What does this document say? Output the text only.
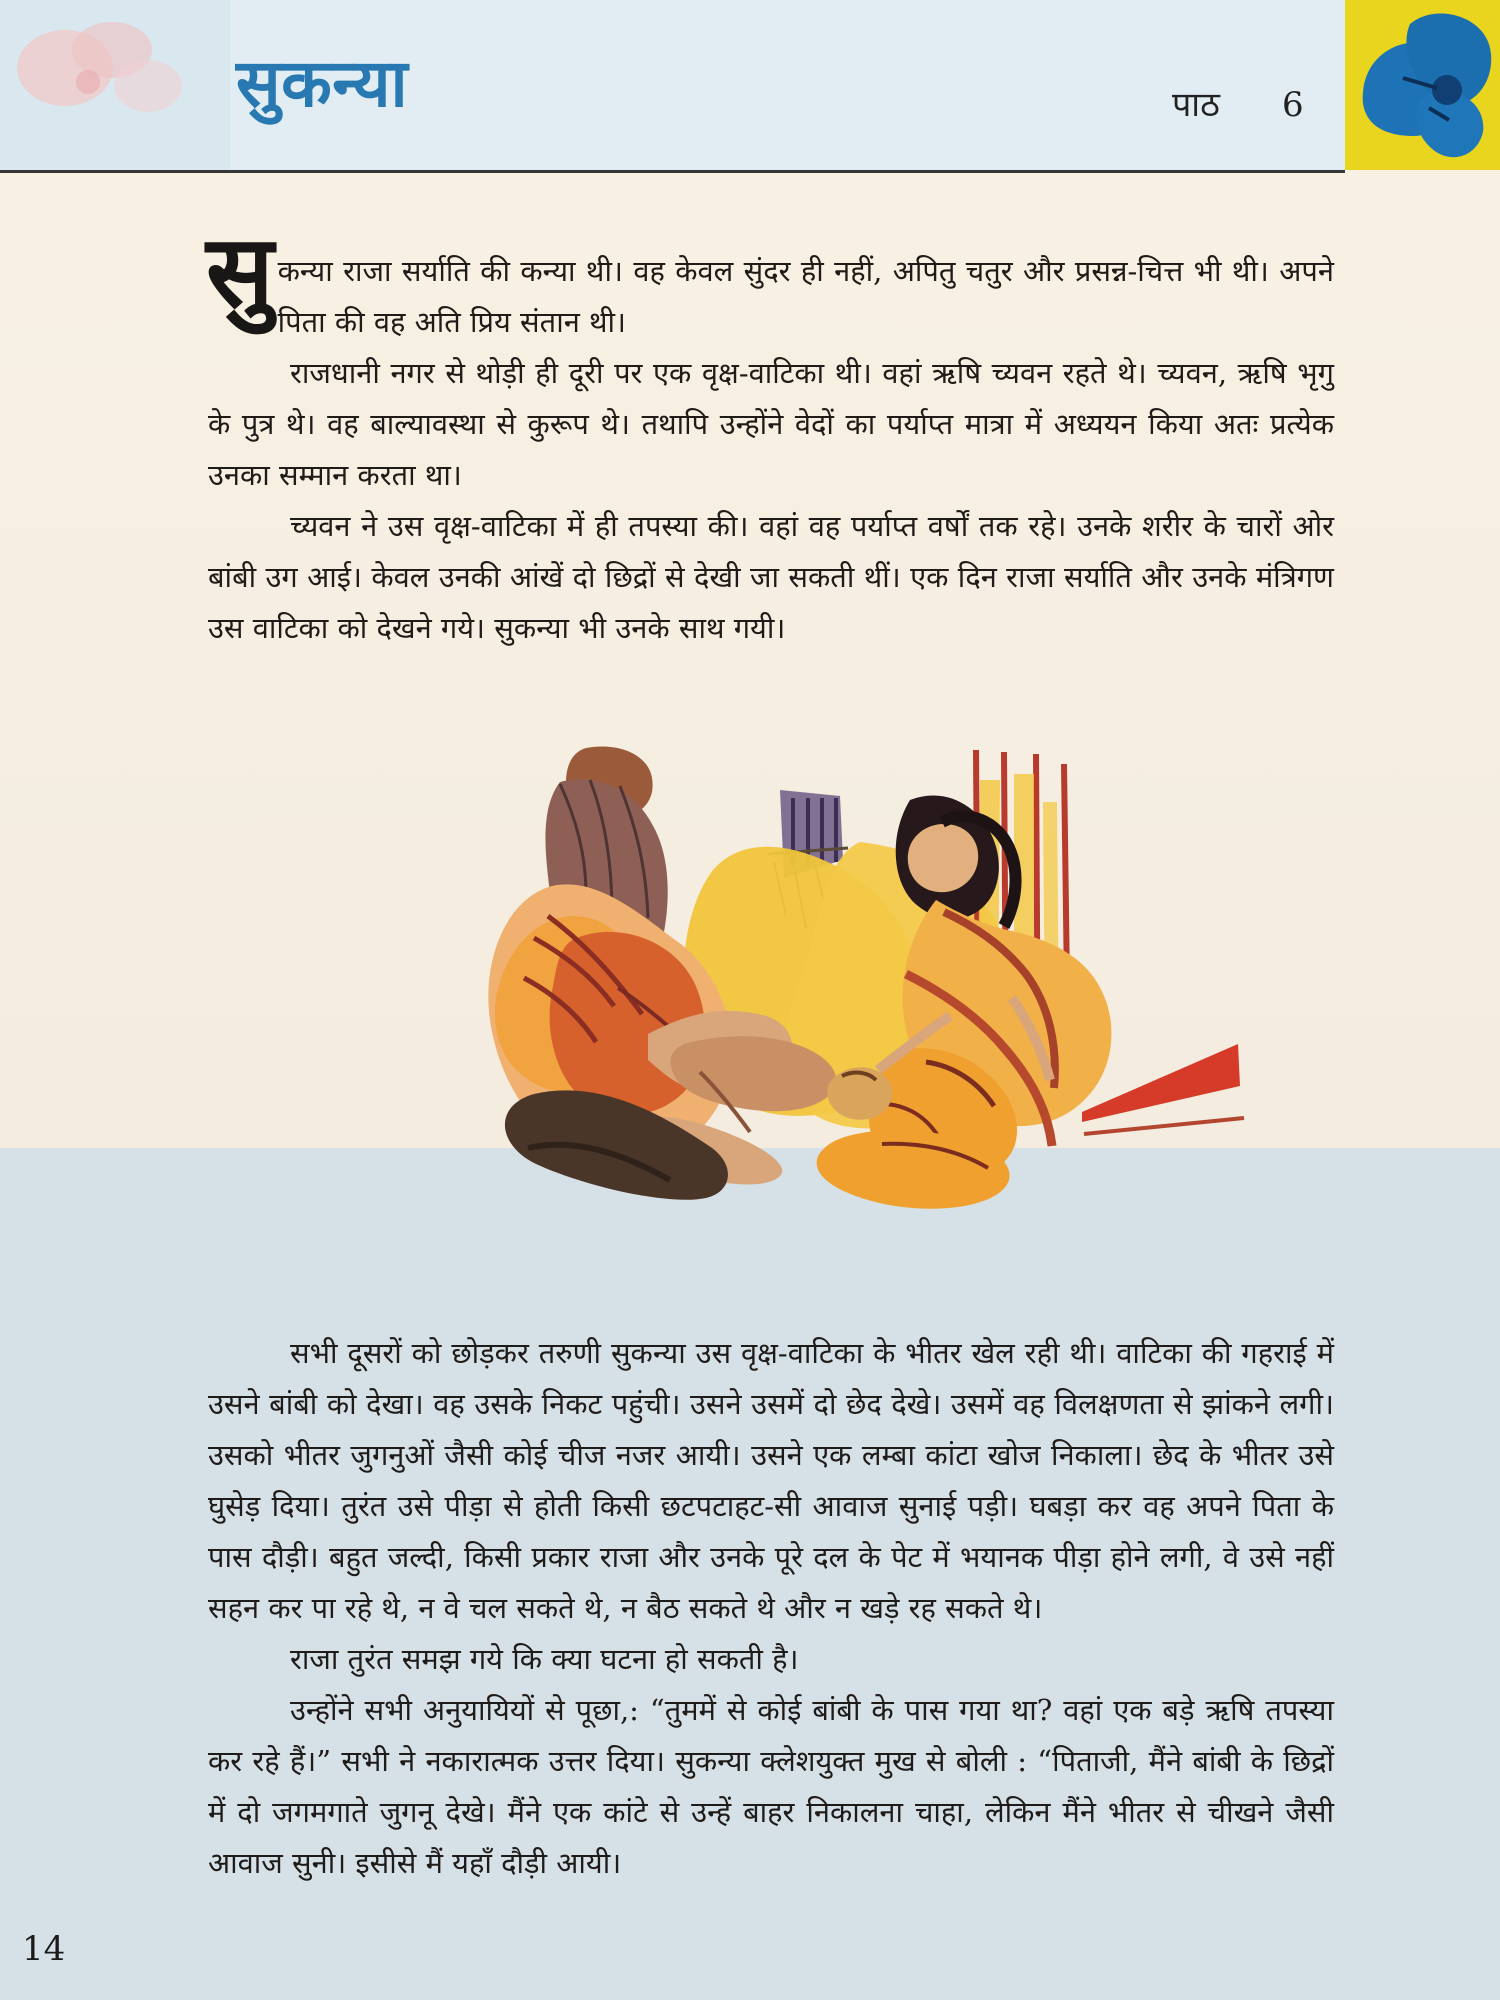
सुकन्या	पाठ 6

सु कन्या राजा सर्याति की कन्या थी। वह केवल सुंदर ही नहीं, अपितु चतुर और प्रसन्न-चित्त भी थी। अपने पिता की वह अति प्रिय संतान थी।

राजधानी नगर से थोड़ी ही दूरी पर एक वृक्ष-वाटिका थी। वहां ऋषि च्यवन रहते थे। च्यवन, ऋषि भृगु के पुत्र थे। वह बाल्यावस्था से कुरूप थे। तथापि उन्होंने वेदों का पर्याप्त मात्रा में अध्ययन किया अतः प्रत्येक उनका सम्मान करता था।

च्यवन ने उस वृक्ष-वाटिका में ही तपस्या की। वहां वह पर्याप्त वर्षों तक रहे। उनके शरीर के चारों ओर बांबी उग आई। केवल उनकी आंखें दो छिद्रों से देखी जा सकती थीं। एक दिन राजा सर्याति और उनके मंत्रिगण उस वाटिका को देखने गये। सुकन्या भी उनके साथ गयी।

सभी दूसरों को छोड़कर तरुणी सुकन्या उस वृक्ष-वाटिका के भीतर खेल रही थी। वाटिका की गहराई में उसने बांबी को देखा। वह उसके निकट पहुंची। उसने उसमें दो छेद देखे। उसमें वह विलक्षणता से झांकने लगी। उसको भीतर जुगनुओं जैसी कोई चीज नजर आयी। उसने एक लम्बा कांटा खोज निकाला। छेद के भीतर उसे घुसेड़ दिया। तुरंत उसे पीड़ा से होती किसी छटपटाहट-सी आवाज सुनाई पड़ी। घबड़ा कर वह अपने पिता के पास दौड़ी। बहुत जल्दी, किसी प्रकार राजा और उनके पूरे दल के पेट में भयानक पीड़ा होने लगी, वे उसे नहीं सहन कर पा रहे थे, न वे चल सकते थे, न बैठ सकते थे और न खड़े रह सकते थे।

राजा तुरंत समझ गये कि क्या घटना हो सकती है।

उन्होंने सभी अनुयायियों से पूछा,: “तुममें से कोई बांबी के पास गया था? वहां एक बड़े ऋषि तपस्या कर रहे हैं।” सभी ने नकारात्मक उत्तर दिया। सुकन्या क्लेशयुक्त मुख से बोली : “पिताजी, मैंने बांबी के छिद्रों में दो जगमगाते जुगनू देखे। मैंने एक कांटे से उन्हें बाहर निकालना चाहा, लेकिन मैंने भीतर से चीखने जैसी आवाज सुनी। इसीसे मैं यहाँ दौड़ी आयी।

14
